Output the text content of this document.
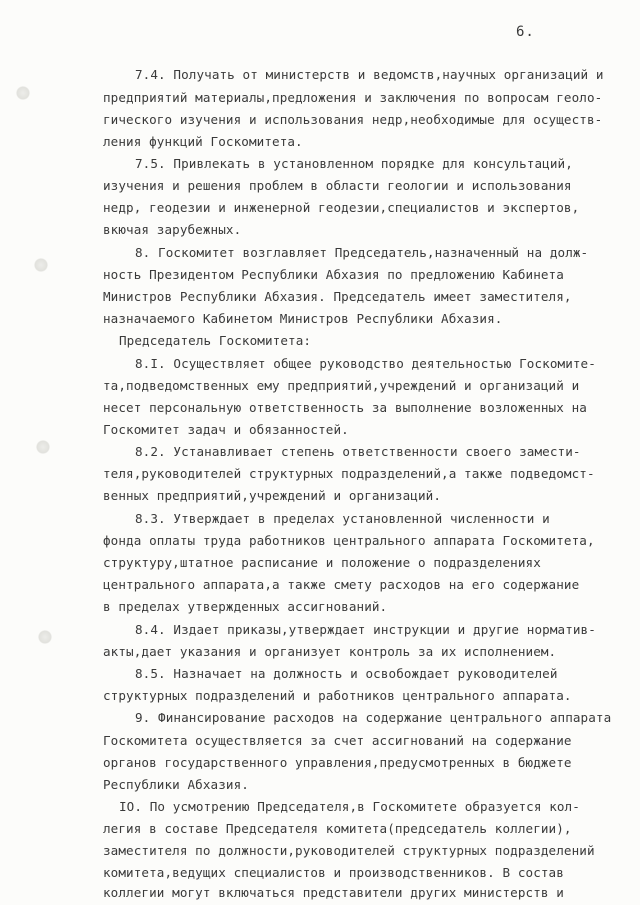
6.
7.4. Получать от министерств и ведомств,научных организаций и
предприятий материалы,предложения и заключения по вопросам геоло-
гического изучения и использования недр,необходимые для осуществ-
ления функций Госкомитета.
7.5. Привлекать в установленном порядке для консультаций,
изучения и решения проблем в области геологии и использования
недр, геодезии и инженерной геодезии,специалистов и экспертов,
вкючая зарубежных.
8. Госкомитет возглавляет Председатель,назначенный на долж-
ность Президентом Республики Абхазия по предложению Кабинета
Министров Республики Абхазия. Председатель имеет заместителя,
назначаемого Кабинетом Министров Республики Абхазия.
Председатель Госкомитета:
8.I. Осуществляет общее руководство деятельностью Госкомите-
та,подведомственных ему предприятий,учреждений и организаций и
несет персональную ответственность за выполнение возложенных на
Госкомитет задач и обязанностей.
8.2. Устанавливает степень ответственности своего замести-
теля,руководителей структурных подразделений,а также подведомст-
венных предприятий,учреждений и организаций.
8.3. Утверждает в пределах установленной численности и
фонда оплаты труда работников центрального аппарата Госкомитета,
структуру,штатное расписание и положение о подразделениях
центрального аппарата,а также смету расходов на его содержание
в пределах утвержденных ассигнований.
8.4. Издает приказы,утверждает инструкции и другие норматив-
акты,дает указания и организует контроль за их исполнением.
8.5. Назначает на должность и освобождает руководителей
структурных подразделений и работников центрального аппарата.
9. Финансирование расходов на содержание центрального аппарата
Госкомитета осуществляется за счет ассигнований на содержание
органов государственного управления,предусмотренных в бюджете
Республики Абхазия.
IO. По усмотрению Председателя,в Госкомитете образуется кол-
легия в составе Председателя комитета(председатель коллегии),
заместителя по должности,руководителей структурных подразделений
комитета,ведущих специалистов и производственников. В состав
коллегии могут включаться представители других министерств и
